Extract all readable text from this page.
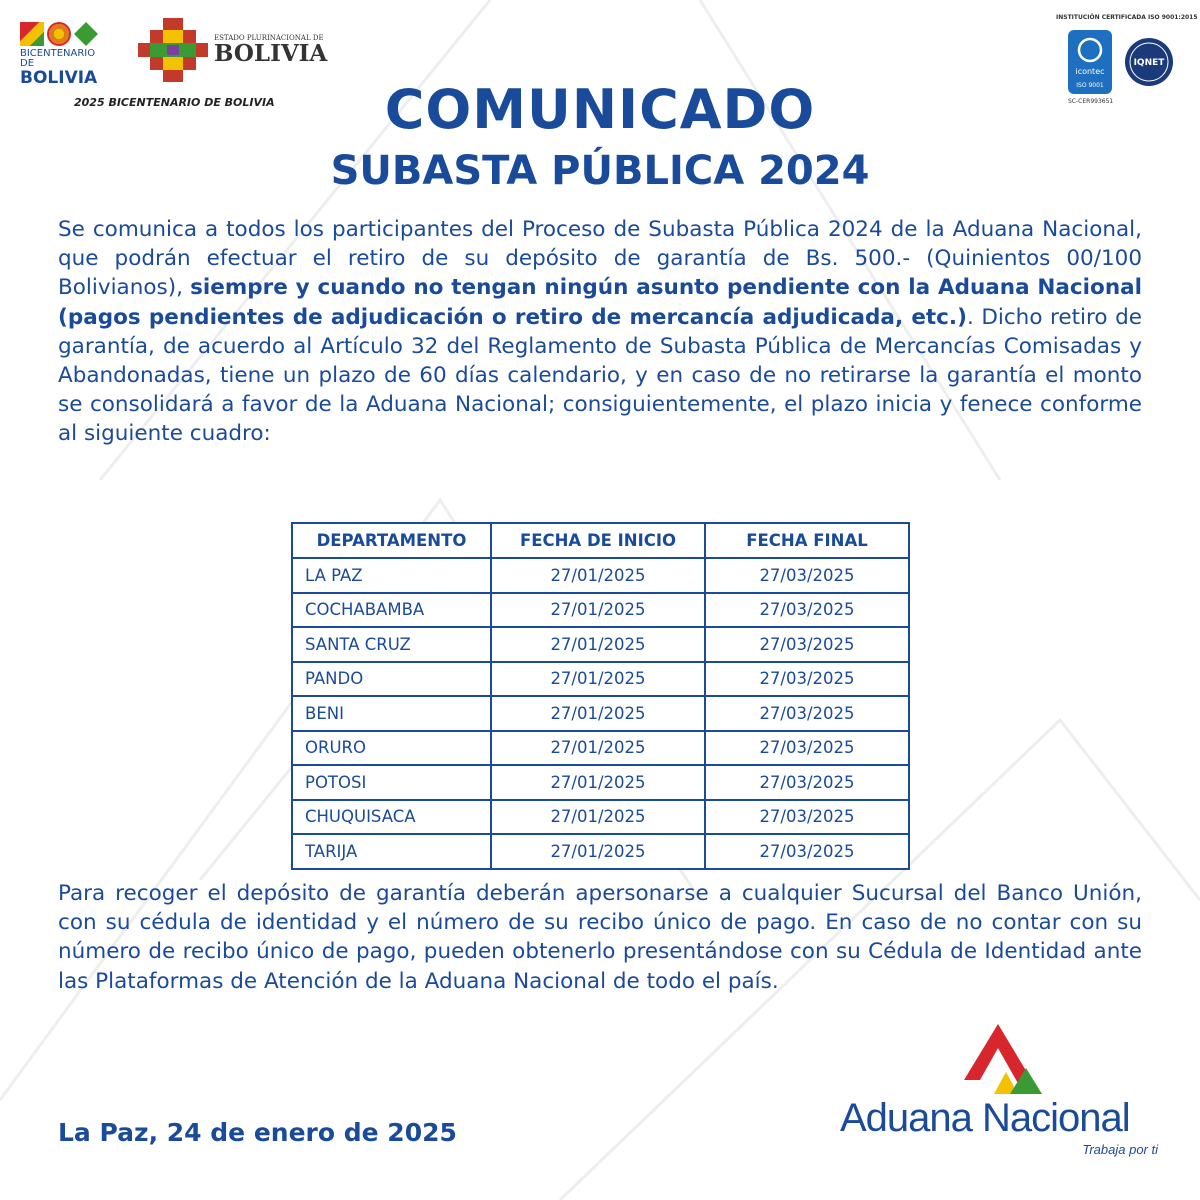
BICENTENARIO DE
BOLIVIA
ESTADO PLURINACIONAL DE
BOLIVIA
2025 BICENTENARIO DE BOLIVIA
INSTITUCIÓN CERTIFICADA ISO 9001:2015
icontec
ISO 9001
IQNET
SC-CER993651
COMUNICADO
SUBASTA PÚBLICA 2024

Se comunica a todos los participantes del Proceso de Subasta Pública 2024 de la Aduana Nacional, que podrán efectuar el retiro de su depósito de garantía de Bs. 500.- (Quinientos 00/100 Bolivianos), siempre y cuando no tengan ningún asunto pendiente con la Aduana Nacional (pagos pendientes de adjudicación o retiro de mercancía adjudicada, etc.). Dicho retiro de garantía, de acuerdo al Artículo 32 del Reglamento de Subasta Pública de Mercancías Comisadas y Abandonadas, tiene un plazo de 60 días calendario, y en caso de no retirarse la garantía el monto se consolidará a favor de la Aduana Nacional; consiguientemente, el plazo inicia y fenece conforme al siguiente cuadro:

DEPARTAMENTO	FECHA DE INICIO	FECHA FINAL
LA PAZ	27/01/2025	27/03/2025
COCHABAMBA	27/01/2025	27/03/2025
SANTA CRUZ	27/01/2025	27/03/2025
PANDO	27/01/2025	27/03/2025
BENI	27/01/2025	27/03/2025
ORURO	27/01/2025	27/03/2025
POTOSI	27/01/2025	27/03/2025
CHUQUISACA	27/01/2025	27/03/2025
TARIJA	27/01/2025	27/03/2025

Para recoger el depósito de garantía deberán apersonarse a cualquier Sucursal del Banco Unión, con su cédula de identidad y el número de su recibo único de pago. En caso de no contar con su número de recibo único de pago, pueden obtenerlo presentándose con su Cédula de Identidad ante las Plataformas de Atención de la Aduana Nacional de todo el país.

La Paz, 24 de enero de 2025	Aduana Nacional
Trabaja por ti
